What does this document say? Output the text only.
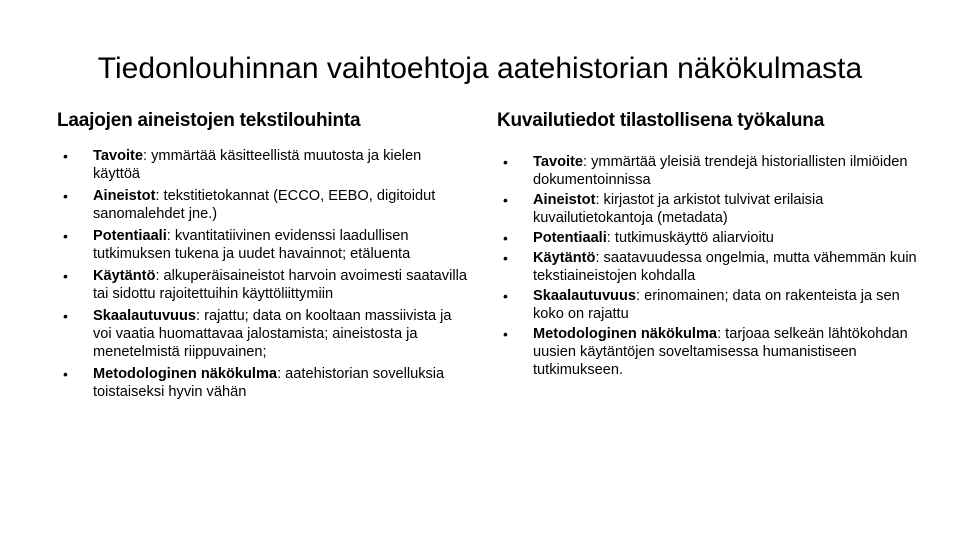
Tiedonlouhinnan vaihtoehtoja aatehistorian näkökulmasta
Laajojen aineistojen tekstilouhinta
• Tavoite: ymmärtää käsitteellistä muutosta ja kielen käyttöä
• Aineistot: tekstitietokannat (ECCO, EEBO, digitoidut sanomalehdet jne.)
• Potentiaali: kvantitatiivinen evidenssi laadullisen tutkimuksen tukena ja uudet havainnot; etäluenta
• Käytäntö: alkuperäisaineistot harvoin avoimesti saatavilla tai sidottu rajoitettuihin käyttöliittymiin
• Skaalautuvuus: rajattu; data on kooltaan massiivista ja voi vaatia huomattavaa jalostamista; aineistosta ja menetelmistä riippuvainen;
• Metodologinen näkökulma: aatehistorian sovelluksia toistaiseksi hyvin vähän
Kuvailutiedot tilastollisena työkaluna
• Tavoite: ymmärtää yleisiä trendejä historiallisten ilmiöiden dokumentoinnissa
• Aineistot: kirjastot ja arkistot tulvivat erilaisia kuvailutietokantoja (metadata)
• Potentiaali: tutkimuskäyttö aliarvioitu
• Käytäntö: saatavuudessa ongelmia, mutta vähemmän kuin tekstiaineistojen kohdalla
• Skaalautuvuus: erinomainen; data on rakenteista ja sen koko on rajattu
• Metodologinen näkökulma: tarjoaa selkeän lähtökohdan uusien käytäntöjen soveltamisessa humanistiseen tutkimukseen.
